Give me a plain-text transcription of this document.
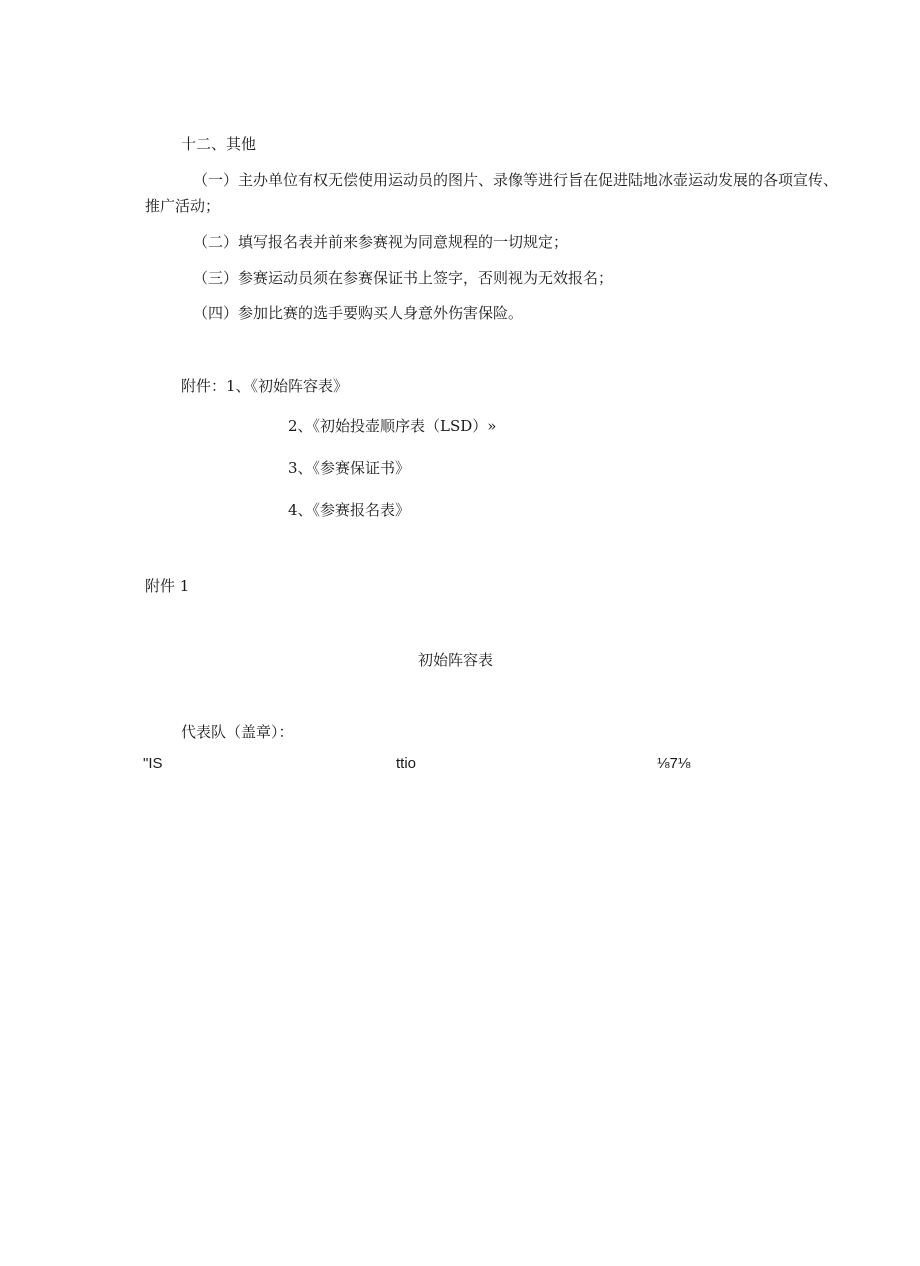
十二、其他
（一）主办单位有权无偿使用运动员的图片、录像等进行旨在促进陆地冰壶运动发展的各项宣传、
推广活动；
（二）填写报名表并前来参赛视为同意规程的一切规定；
（三）参赛运动员须在参赛保证书上签字，否则视为无效报名；
（四）参加比赛的选手要购买人身意外伤害保险。
附件：1、《初始阵容表》
2、《初始投壶顺序表（LSD）»
3、《参赛保证书》
4、《参赛报名表》
附件 1
初始阵容表
代表队（盖章）：
"IS	ttio	⅛7⅛
